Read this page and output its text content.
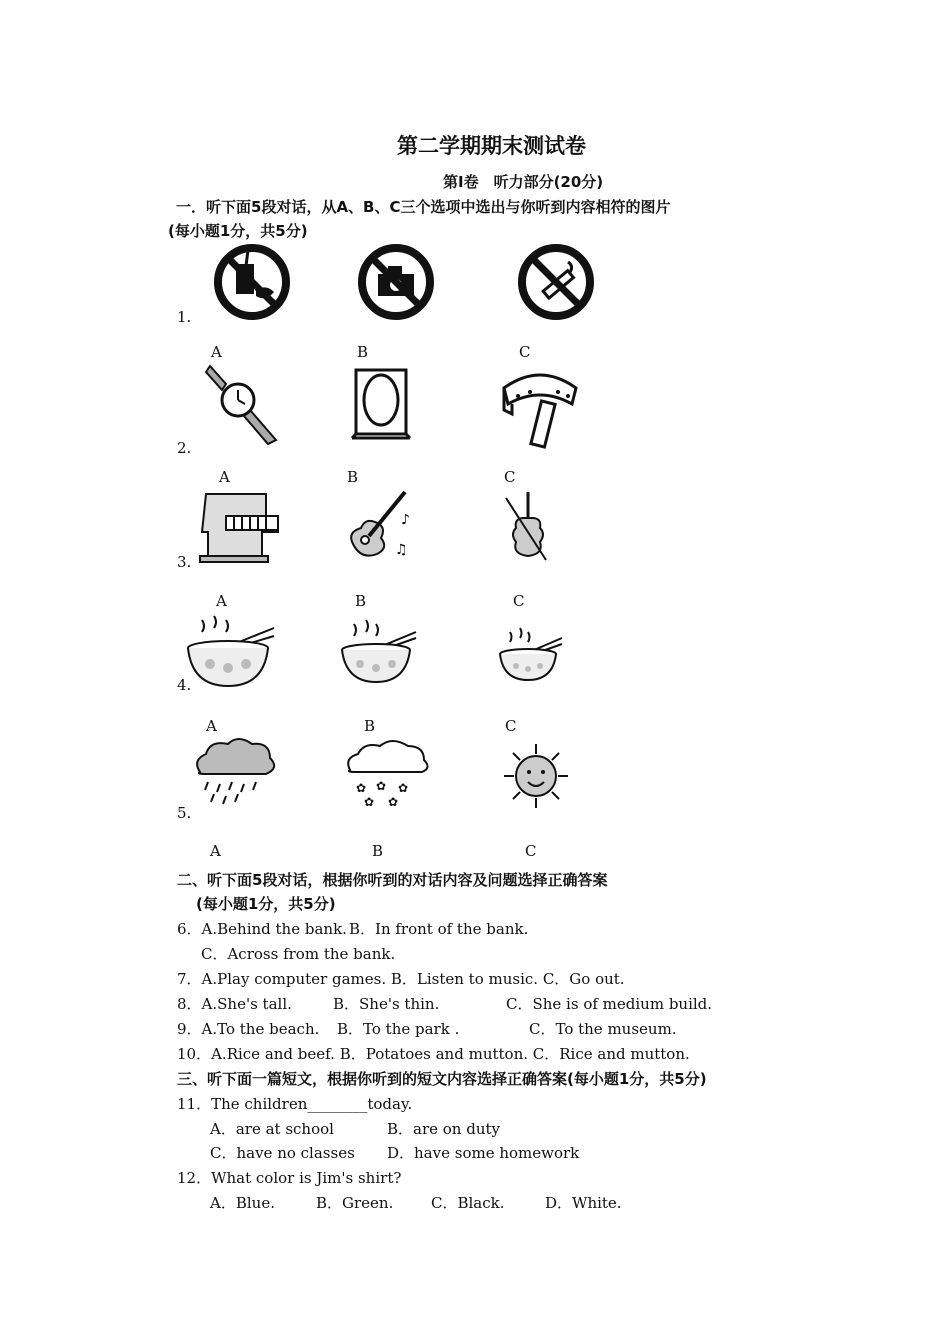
第二学期期末测试卷
第Ⅰ卷　听力部分(20分)
一．听下面5段对话，从A、B、C三个选项中选出与你听到内容相符的图片
(每小题1分，共5分)
1.
A	B	C
2.
A	B	C
3.
♪
♫
A	B	C
4.
A	B	C
5.
✿ ✿ ✿
✿ ✿
A	B	C
二、听下面5段对话，根据你听到的对话内容及问题选择正确答案
(每小题1分，共5分)
6．A.Behind the bank. B．In front of the bank.
C．Across from the bank.
7．A.Play computer games. B．Listen to music. C．Go out.
8．A.She's tall.	B．She's thin.	C．She is of medium build.
9．A.To the beach. B．To the park .	C．To the museum.
10．A.Rice and beef. B．Potatoes and mutton. C．Rice and mutton.
三、听下面一篇短文，根据你听到的短文内容选择正确答案(每小题1分，共5分)
11．The children________today.
A．are at school	B．are on duty
C．have no classes D．have some homework
12．What color is Jim's shirt?
A．Blue.	B．Green.	C．Black.	D．White.
